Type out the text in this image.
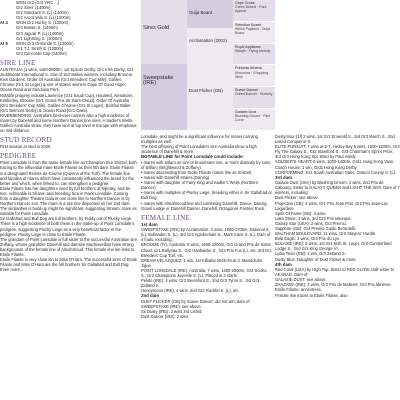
WON Gr2 {Gr3 VRC ...}
Gr2 Sires' (1400m)
Gr2 Sandown S. (L) (1400m)
Gr2 Ascot Vale S. (L) (1200m)
At 4 WON Gr2 Hurley S. (1200m)
Gr3 Bowen S. (1400m)
Gr3 Jaguar P. (L) (1400m)
Gr1 Lightning S. (1000m)
At 5 WON Gr3 Ormonde S. (1200m)
Gr1 T.J. Smith S. (1200m)
Gr3 Concorde Cup (1400m)
SIRE LINE
AUSTRALIA (1 wins, 1160-2800m, 1st Epsom Derby, Gr1 Irish Derby, Gr1 Juddmonte International S. Sire of 163 stakes winners, including Broome, Kew Gardens, Order Of Australia (Gr1 Breeders' Cup Mile), Galileo Chrome (Gr1 St Leger) & sire of stakes winners Cape Of Good Hope, Ocean Road and Sandown Park.
Notable progeny include Lawrence (Gr1 Saudi Cup), Haunted, Alexander, Kimberley, Broome (Gr1 Grand Prix de Saint-Cloud), Order Of Australia (Gr1 Breeders' Cup Mile), Galileo Chrome (Gr1 St Leger), Bolshoi Ballet (Gr1 Belmont Derby) & Ocean Road (Gr1 Oaks).
RIVERBENDING: Australia's best-ever runners also a high incidence of mares by Danehill and some Northern Dancer line sires. A Sadler's Wells-Galileo-Australia strain, they have won at top level in Europe with emphasis on mid-distance.
STUD RECORD
First season at stud in 2025
PEDIGREE
Point Lonsdale is from the same female line as Champion Sire Snitzel, both tracing to the influential mare Etoile Filante as their 5th dam. Etoile Filante is a designated Reines-de-Course (Queens of the Turf). The female line and families of mares which have consistently influenced the breed for the better and which, when linked to, can strengthen a pedigree.
Etoile Filante has her daughters sired by full brothers of Nijinsky, and Sir Ivor. Admirable is Sharon and breeding Sea in Point Lonsdale. Coming from a daughter Theatre Gala in one close line to Northern Dancer is by Northern Dancer son. The mare in a sire line dispersed on her 2nd dam. The similarities is build-up might be significant, suggesting Stream: mare as suitable for Point Lonsdale.
Sir Gallahad and Bull Dog are full brothers, by Teddy out of Plucky Liege. There is a high incidence of both these in the make-up of Point Lonsdale's pedigree, suggesting Plucky Liege as a very beneficial factor in the pedigree. Plucky Liege is close to Etoile Filante.
The grandam of Point Lonsdale is full sister to the successful Australian sire Zoffany, whose grandsire Danehill and damsire Machiavellian have strong backgrounds of the female line of Almahmoud. This female line kin-links to Etoile Filante.
Etoile Filante is very close kin to Miss O'Hara. The successful sires of Etoile Filante and Miss O'Hara are the full brothers Sir Gallahad and Bull Dog. Even more...
Sires Gold
Ouija Board
Acclamation (2002)
Sweepstake (IRE)
Dust Flicker (GB)
Cape Cross
Green Desert · Park Appeal
Selection Board
Welsh Pageant · Ouija Board
Royal Applause
Waajib · Flying Melody
Princess Athena
Ahonoora · Shopping Wise
Suave Dancer
Green Dancer · Suavely
Galaxie Dust
Blushing Groom · Red Coral
Lonsdale, and might be a significant influence for mares carrying multiples as well.
The best offspring of Point Lonsdale's sire Australia show a high incidence of Danehill & more.
NOTABLE LINE for Point Lonsdale could include:
• mares with Sillaro as sire or broodmare sire, or more distantly by sons of Silllaro (Brightwood & Zoffany)
• mares descending from Etoile Filante (same line as Snitzel)
• mares with Danehill strains (Danzig)
• mares with daughter of Fairy King and Sadler's Wells (Northern Dancer)
• mares with multiples of Plucky Liege, breeding either in Sir Gallahad or Bull Dog
• mares with Almahmoud line and combining Danehill, Dance, Danzig, Grand Lodge or Danehill Dancer, Danehill, Octagonal, Fastnet Rock.
FEMALE LINE
1st dam
SWEEPSTAKE (IRE) by Acclamation: 3 wins, 1000-1700m, National S. (L), Bolleaden S. (L). 3rd Gr3 Agrolachain S., Marit Cane S. (L). Dam of 4 foals, including:
BROOME (Fr), Australia: 9 wins, 1600-3200m, Gr1 Grand Prix de Saint-Cloud, Gr1 Ballysax S., Gr2 Hardwicke S., Gr3 Prix Fox (L), etc. 3rd Gr1 Breeders' Cup Turf, etc.
DREAM VELAZQUEZ: 1 win, 1st Kilbaha 2025-26 at 3. Mandoluhe Jigue.
POINT LONSDALE (IRE): Australia: 7 wins, 1400-2000m, Gr2 Sciolto S., Gr2 Champions Juvenile S. (L). Placed in 3 starts.
Pelido (IRE): 4 wins, Gr2 Beresford S., 2nd Gr2 Tyros S., 3rd Gr3 Zetland S.
Honeymoon (IRE), 4 wins: 2nd Gr2 Rockfel S. (L), etc.
2nd dam
DUST FLICKER (GB) by Suave Dancer: did not win; dam of:
SWEEPSTAKE (IRE): see above.
Sir Dusty (IRE): 2 wins 3rd Listed.
Dust Dancer (IRE): 2 wins.
Dustymour (1f) 2 wins, 1st Gr2 Emerald S., 3rd Gr3 March S., 2nd Listed Conqueror S.
ELITE PURSUIT: 7 wins at 2-7, Heavy Bay 5 wins, 1000-1200m, Gr3 Fly The Galaxy S., Gr2 Stamford S., Gr3 Chairman's Sprint Prize, 3rd Gr3 Hong Kong Spr. Bred by Paul Hardy.
SOLDIER'S HEART: 6 wins, 1000-1400m, Grd1 Hong Kong Vase.
Coach House: 1 win, Grd1 Hong Kong Derby.
CONFORMING: Gr1 South Australian Oaks, Ontario County S. (L).
3rd dam
Galaxie Dust (USA) by Blushing Groom: 2 wins, 2nd Prix de Cabourg. Sister to GALAXY QUEEN and LIGHT THE WAY. Dam of 7 winners, including:
Dust Flicker: see above.
Projection (GB): 4 wins, Gr1 Prix Jean Prat, Gr2 Prix Jean-Luc Lagardere.
Spirit Of Fame (GB): 3 wins.
Lake Stone: 2 wins, 3rd Gr3 Prix Miesque.
Galaxy Star (USA): 2 wins, Gr3 Premio.
Sapphire (GB): Gr3 Premio Guido Berardelli.
WALTHAM BOULEVARD: 11 wins, Gr3 Stayers' Hurdle.
Bold Eagle: 2 wins, Gr3 Prix du Lys.
BULAXIE (IRE): 5 wins, 1st Gr1 Irish St. Leger, Gr2 Cumberland Lodge S., 2nd Gr1 King George VI.
Lydia Tesio (GB): 1 win, Gr3 Zetland S.
Dusty Blue: Daughter of Dust Flicker & more.
4th dam
Red Coral (USA) by High Top. Sister to RED GLOW. Half-sister to AKARAD. Dam of:
GALAXIE DUST: see above.
ZHAZAMA (IRE): 3 wins, Gr2 Prix de Malleret, Gr3 Prix Minerve.
Etoile Filante: ancestress.
Female line traces to Etoile Filante, also
